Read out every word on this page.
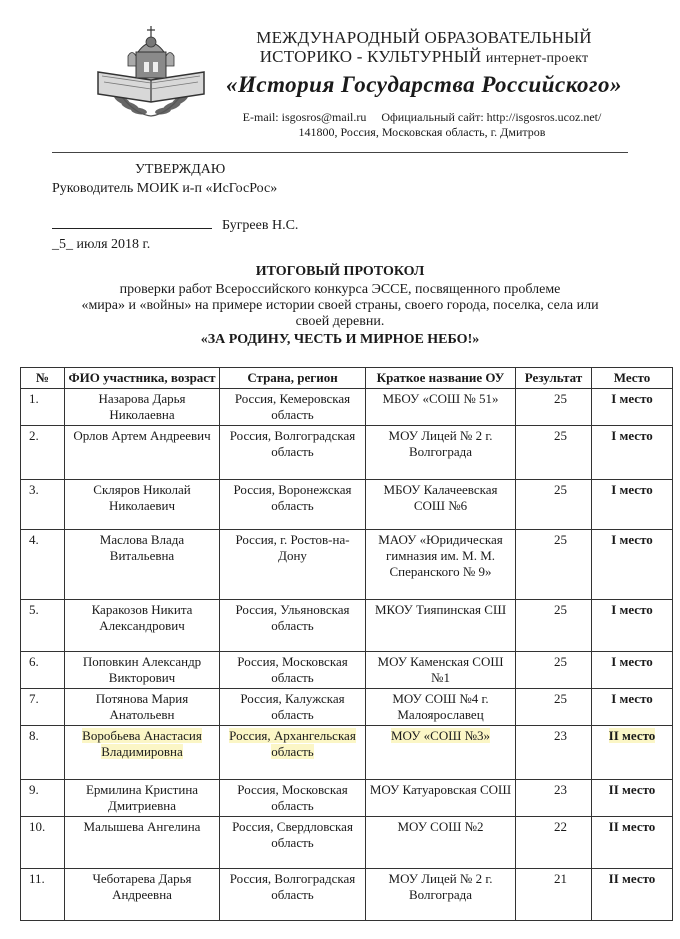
МЕЖДУНАРОДНЫЙ ОБРАЗОВАТЕЛЬНЫЙ
ИСТОРИКО - КУЛЬТУРНЫЙ интернет-проект
«История Государства Российского»
E-mail: isgosros@mail.ru Официальный сайт: http://isgosros.ucoz.net/
141800, Россия, Московская область, г. Дмитров
УТВЕРЖДАЮ
Руководитель МОИК и-п «ИсГосРос»
Бугреев Н.С.
_5_ июля 2018 г.
ИТОГОВЫЙ ПРОТОКОЛ
проверки работ Всероссийского конкурса ЭССЕ, посвященного проблеме
«мира» и «войны» на примере истории своей страны, своего города, поселка, села или
своей деревни.
«ЗА РОДИНУ, ЧЕСТЬ И МИРНОЕ НЕБО!»
№	ФИО участника, возраст	Страна, регион	Краткое название ОУ	Результат	Место
1.	Назарова Дарья Николаевна	Россия, Кемеровская область	МБОУ «СОШ № 51»	25	I место
2.	Орлов Артем Андреевич	Россия, Волгоградская область	МОУ Лицей № 2 г. Волгограда	25	I место
3.	Скляров Николай Николаевич	Россия, Воронежская область	МБОУ Калачеевская СОШ №6	25	I место
4.	Маслова Влада Витальевна	Россия, г. Ростов-на-Дону	МАОУ «Юридическая гимназия им. М. М. Сперанского № 9»	25	I место
5.	Каракозов Никита Александрович	Россия, Ульяновская область	МКОУ Тияпинская СШ	25	I место
6.	Поповкин Александр Викторович	Россия, Московская область	МОУ Каменская СОШ №1	25	I место
7.	Потянова Мария Анатольевн	Россия, Калужская область	МОУ СОШ №4 г. Малоярославец	25	I место
8.	Воробьева Анастасия Владимировна	Россия, Архангельская область	МОУ «СОШ №3»	23	II место
9.	Ермилина Кристина Дмитриевна	Россия, Московская область	МОУ Катуаровская СОШ	23	II место
10.	Малышева Ангелина	Россия, Свердловская область	МОУ СОШ №2	22	II место
11.	Чеботарева Дарья Андреевна	Россия, Волгоградская область	МОУ Лицей № 2 г. Волгограда	21	II место
